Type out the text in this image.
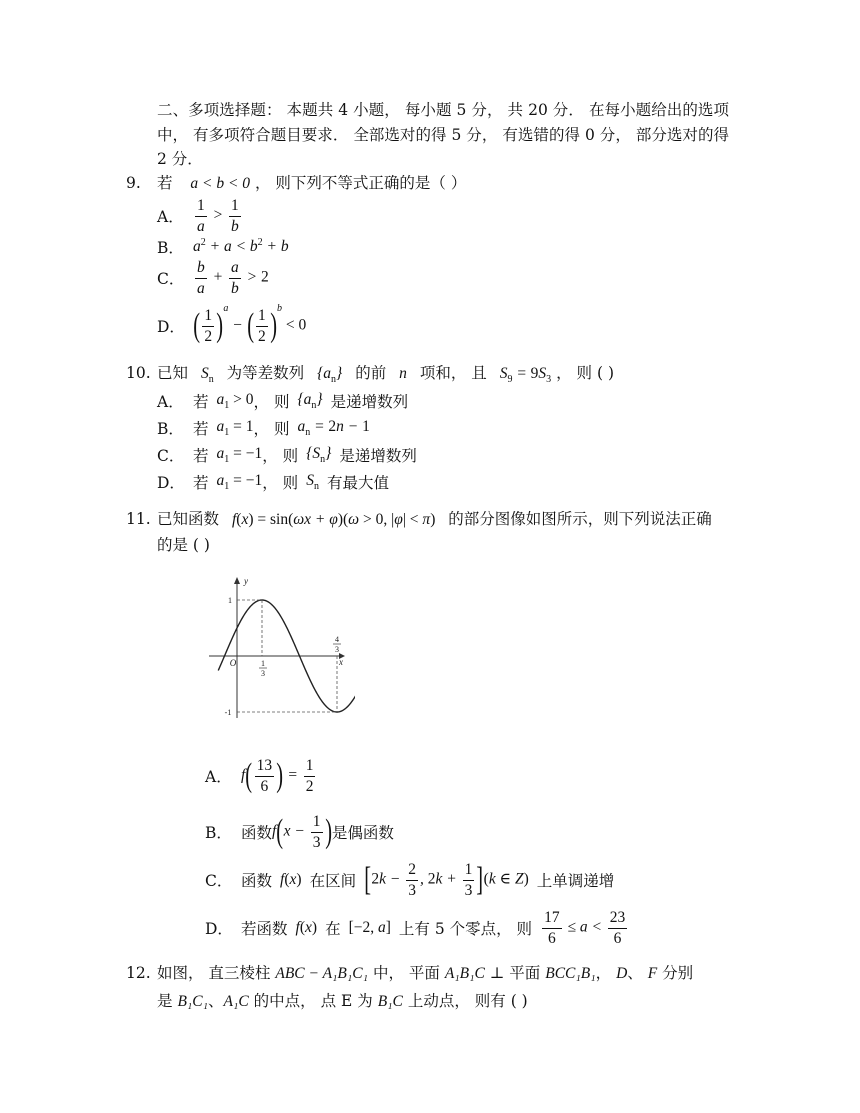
二、多项选择题： 本题共 4 小题， 每小题 5 分， 共 20 分． 在每小题给出的选项中， 有多项符合题目要求． 全部选对的得 5 分， 有选错的得 0 分， 部分选对的得 2 分．
9. 若 a < b < 0 ， 则下列不等式正确的是（ ）
A． $\frac{1}{a} > \frac{1}{b}$
B． $a^2 + a < b^2 + b$
C． $\frac{b}{a} + \frac{a}{b} > 2$
D． ( $\frac{1}{2} )^a$ − ( $\frac{1}{2} )^b < 0$
10. 已知 $S_n$ 为等差数列 $\{a_n\}$ 的前 n 项和， 且 $S_9 = 9S_3$ ， 则 ( )
A． 若 $a_1 > 0$ ， 则 $\{a_n\}$ 是递增数列
B． 若 $a_1 = 1$ ， 则 $a_n = 2n - 1$
C． 若 $a_1 = -1$ ， 则 $\{S_n\}$ 是递增数列
D． 若 $a_1 = -1$ ， 则 $S_n$ 有最大值
11. 已知函数 f(x) = sin(ωx + φ)(ω > 0, |φ| < π) 的部分图像如图所示，则下列说法正确
的是 ( )
y
x
O
1
-1
1
3
4
3
A． $f( \frac{13}{6}$ ) = $\frac{1}{2}$
B． 函数 $f(x - \frac{1}{3}$ ) 是偶函数
C． 函数 f(x) 在区间 [$2k - \frac{2}{3}$ , $2k + \frac{1}{3} ](k$ ∈ Z) 上单调递增
D． 若函数 f(x) 在 [−2, a] 上有 5 个零点， 则 $\frac{17}{6} \le a < \frac{23}{6}$
12. 如图， 直三棱柱 ABC − A₁B₁C₁ 中， 平面 A₁B₁C ⊥ 平面 BCC₁B₁， D、 F 分别
是 B₁C₁、A₁C 的中点， 点 E 为 B₁C 上动点， 则有 ( )
